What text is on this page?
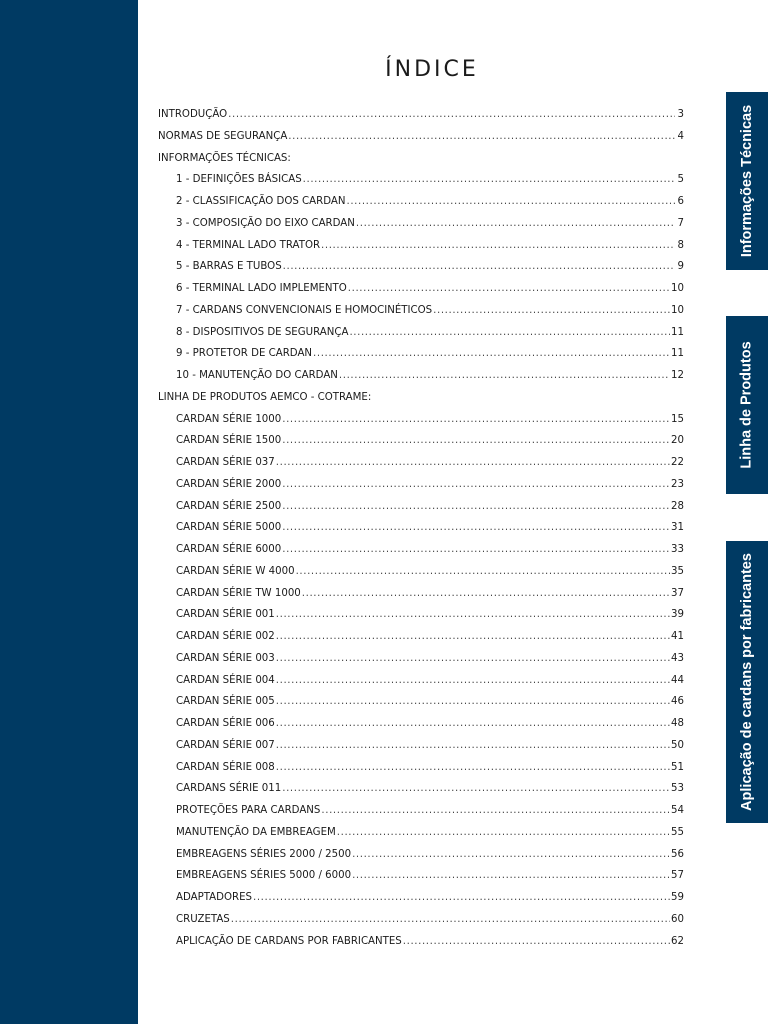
ÍNDICE
INTRODUÇÃO .....	3
NORMAS DE SEGURANÇA .....	4
INFORMAÇÕES TÉCNICAS:
1 - DEFINIÇÕES BÁSICAS .....	5
2 - CLASSIFICAÇÃO DOS CARDAN .....	6
3 - COMPOSIÇÃO DO EIXO CARDAN .....	7
4 - TERMINAL LADO TRATOR .....	8
5 - BARRAS E TUBOS .....	9
6 - TERMINAL LADO IMPLEMENTO .....	10
7 - CARDANS CONVENCIONAIS E HOMOCINÉTICOS .....	10
8 - DISPOSITIVOS DE SEGURANÇA .....	11
9 - PROTETOR DE CARDAN .....	11
10 - MANUTENÇÃO DO CARDAN .....	12
LINHA DE PRODUTOS AEMCO - COTRAME:
CARDAN SÉRIE 1000 .....	15
CARDAN SÉRIE 1500 .....	20
CARDAN SÉRIE 037 .....	22
CARDAN SÉRIE 2000 .....	23
CARDAN SÉRIE 2500 .....	28
CARDAN SÉRIE 5000 .....	31
CARDAN SÉRIE 6000 .....	33
CARDAN SÉRIE W 4000 .....	35
CARDAN SÉRIE TW 1000 .....	37
CARDAN SÉRIE 001 .....	39
CARDAN SÉRIE 002 .....	41
CARDAN SÉRIE 003 .....	43
CARDAN SÉRIE 004 .....	44
CARDAN SÉRIE 005 .....	46
CARDAN SÉRIE 006 .....	48
CARDAN SÉRIE 007 .....	50
CARDAN SÉRIE 008 .....	51
CARDANS SÉRIE 011 .....	53
PROTEÇÕES PARA CARDANS .....	54
MANUTENÇÃO DA EMBREAGEM .....	55
EMBREAGENS SÉRIES 2000 / 2500 .....	56
EMBREAGENS SÉRIES 5000 / 6000 .....	57
ADAPTADORES .....	59
CRUZETAS .....	60
APLICAÇÃO DE CARDANS POR FABRICANTES .....	62
Informações Técnicas
Linha de Produtos
Aplicação de cardans por fabricantes
